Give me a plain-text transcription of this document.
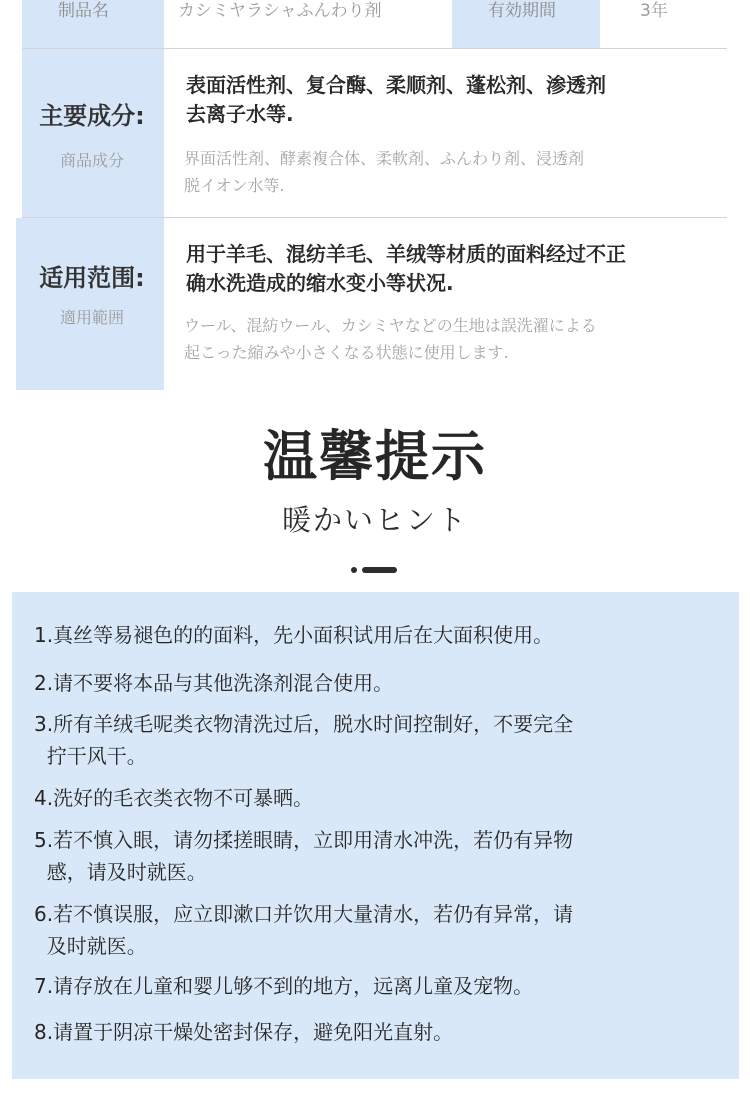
制品名	カシミヤラシャふんわり剤	有効期間	3年
主要成分:
商品成分
表面活性剂、复合酶、柔顺剂、蓬松剂、渗透剂
去离子水等.
界面活性剤、酵素複合体、柔軟剤、ふんわり剤、浸透剤
脱イオン水等.
适用范围:
適用範囲
用于羊毛、混纺羊毛、羊绒等材质的面料经过不正
确水洗造成的缩水变小等状况.
ウール、混紡ウール、カシミヤなどの生地は誤洗濯による
起こった縮みや小さくなる状態に使用します.
温馨提示
暖かいヒント
1.真丝等易褪色的的面料，先小面积试用后在大面积使用。
2.请不要将本品与其他洗涤剂混合使用。
3.所有羊绒毛呢类衣物清洗过后，脱水时间控制好，不要完全
拧干风干。
4.洗好的毛衣类衣物不可暴晒。
5.若不慎入眼，请勿揉搓眼睛，立即用清水冲洗，若仍有异物
感，请及时就医。
6.若不慎误服，应立即漱口并饮用大量清水，若仍有异常，请
及时就医。
7.请存放在儿童和婴儿够不到的地方，远离儿童及宠物。
8.请置于阴凉干燥处密封保存，避免阳光直射。
